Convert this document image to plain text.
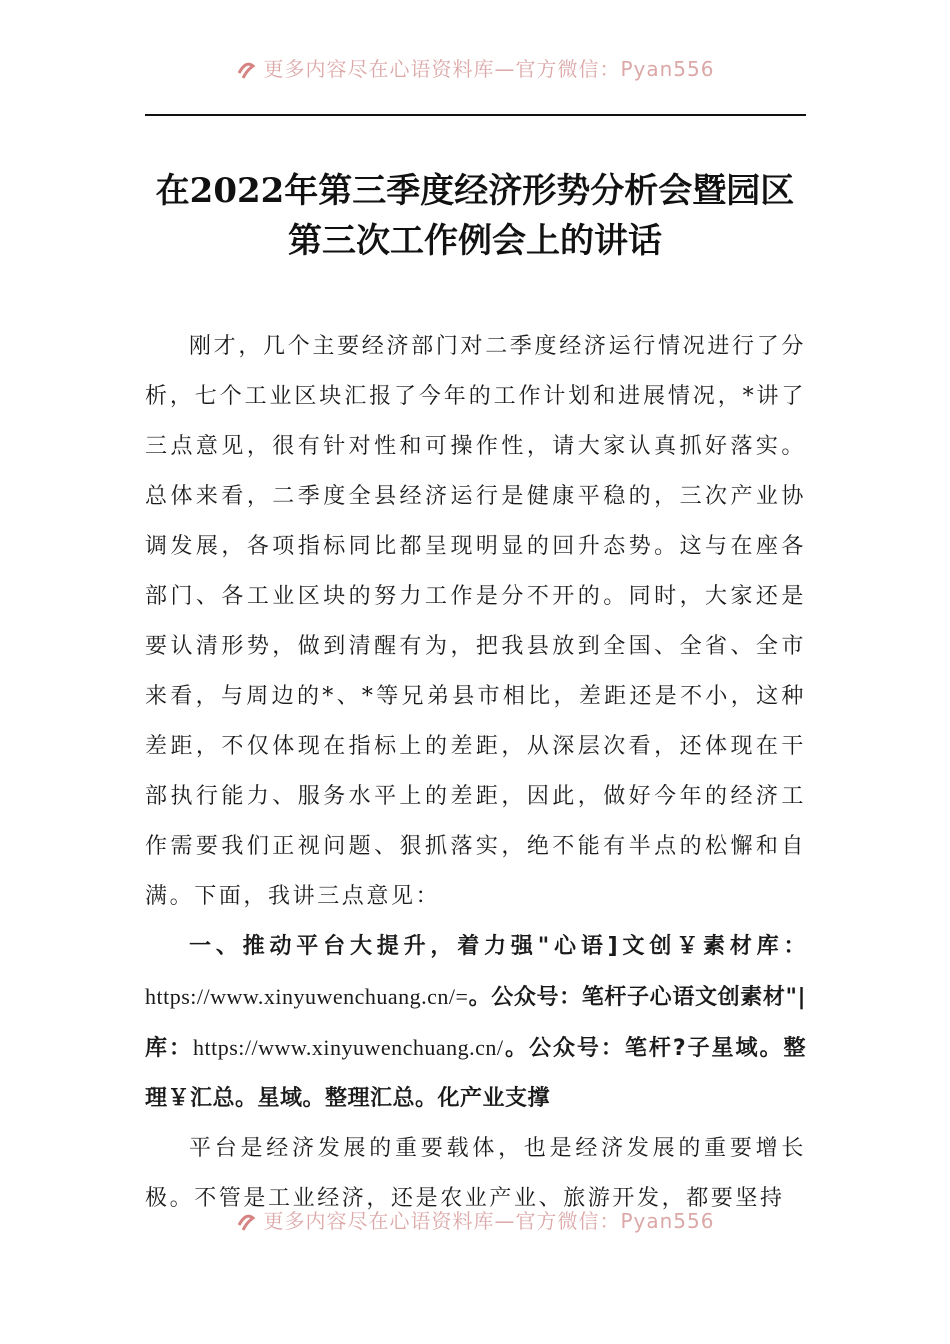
更多内容尽在心语资料库—官方微信：Pyan556
在2022年第三季度经济形势分析会暨园区
第三次工作例会上的讲话

刚才，几个主要经济部门对二季度经济运行情况进行了分析，七个工业区块汇报了今年的工作计划和进展情况，*讲了三点意见，很有针对性和可操作性，请大家认真抓好落实。总体来看，二季度全县经济运行是健康平稳的，三次产业协调发展，各项指标同比都呈现明显的回升态势。这与在座各部门、各工业区块的努力工作是分不开的。同时，大家还是要认清形势，做到清醒有为，把我县放到全国、全省、全市来看，与周边的*、*等兄弟县市相比，差距还是不小，这种差距，不仅体现在指标上的差距，从深层次看，还体现在干部执行能力、服务水平上的差距，因此，做好今年的经济工作需要我们正视问题、狠抓落实，绝不能有半点的松懈和自满。下面，我讲三点意见：

一、推动平台大提升，着力强"心语]文创￥素材库：https://www.xinyuwenchuang.cn/=。公众号：笔杆子心语文创素材"|库：https://www.xinyuwenchuang.cn/。公众号：笔杆?子星域。整理￥汇总。星域。整理汇总。化产业支撑

平台是经济发展的重要载体，也是经济发展的重要增长极。不管是工业经济，还是农业产业、旅游开发，都要坚持

更多内容尽在心语资料库—官方微信：Pyan556
